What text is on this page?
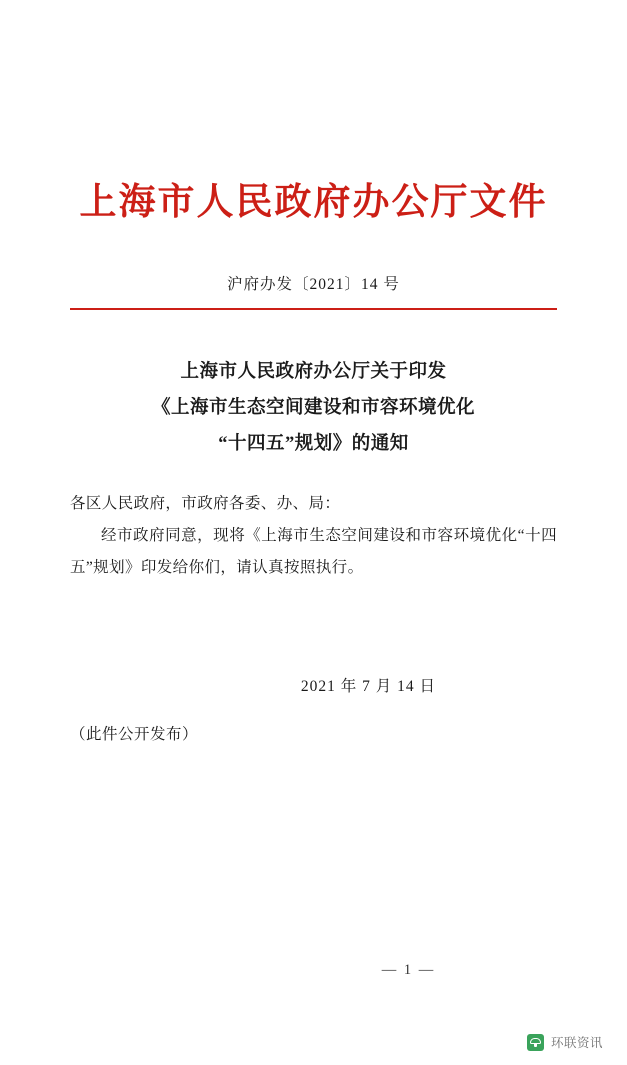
上海市人民政府办公厅文件
沪府办发〔2021〕14 号
上海市人民政府办公厅关于印发
《上海市生态空间建设和市容环境优化
“十四五”规划》的通知
各区人民政府，市政府各委、办、局：
经市政府同意，现将《上海市生态空间建设和市容环境优化“十四五”规划》印发给你们，请认真按照执行。
2021 年 7 月 14 日
（此件公开发布）
— 1 —
环联资讯
